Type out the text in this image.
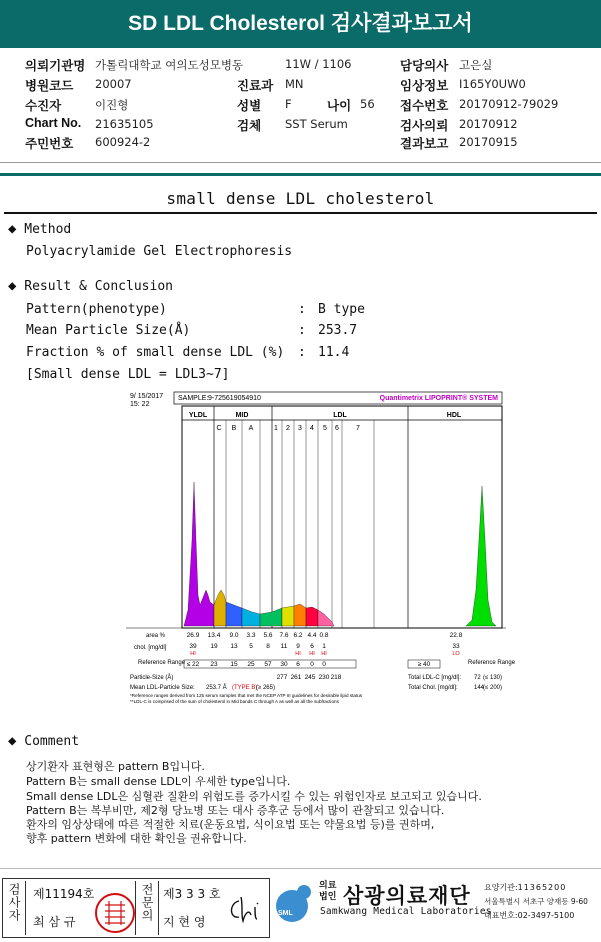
SD LDL Cholesterol 검사결과보고서
의뢰기관명 가톨릭대학교 여의도성모병동	11W / 1106	담당의사 고은실
병원코드 20007	진료과 MN	임상정보 I165Y0UW0
수진자	이진형	성별 F	나이 56 접수번호 20170912-79029
Chart No. 21635105	검체 SST Serum	검사의뢰 20170912
주민번호 600924-2	결과보고 20170915
small dense LDL cholesterol
◆ Method
Polyacrylamide Gel Electrophoresis
◆ Result & Conclusion
Pattern(phenotype)	: B type
Mean Particle Size(Å)	: 253.7
Fraction % of small dense LDL (%) : 11.4
[Small dense LDL = LDL3~7]
9/ 15/2017
15: 22
SAMPLE: 9-725619054910	Quantimetrix LIPOPRINT® SYSTEM
YLDL	MID	LDL	HDL
C B A	1 2 3 4 5 6 7
area %	26.9 13.4 9.0 3.3 5.6 7.6 6.2 4.4 0.8	22.8
chol. [mg/dl]	39 19 13 5 8 11 9 6 1	33
HI	HI HI HI	LO
Reference Range ≤ 22 23 15 25 57 30 6 0 0	≥ 40	Reference Range
Particle-Size (Å)	277 261 245 230 218
Mean LDL-Particle Size: 253.7 Å (TYPE B)
(≥ 265)
Total LDL-C [mg/dl]: 72 (≤ 130)
Total Chol. [mg/dl]:	144 (≤ 200)
*Reference ranges derived from 125 serum samples that met the NCEP ATP III guidelines for desirable lipid status
**LDL-C is comprised of the sum of cholesterol in Mid bands C through A as well as all the subfractions
◆ Comment
상기환자 표현형은 pattern B입니다.
Pattern B는 small dense LDL이 우세한 type입니다.
Small dense LDL은 심혈관 질환의 위험도를 증가시킬 수 있는 위험인자로 보고되고 있습니다.
Pattern B는 복부비만, 제2형 당뇨병 또는 대사 증후군 등에서 많이 관찰되고 있습니다.
환자의 임상상태에 따른 적절한 치료(운동요법, 식이요법 또는 약물요법 등)를 권하며,
향후 pattern 변화에 대한 확인을 권유합니다.
검사자 제11194호
최 삼 규	전문의 제3 3 3 호
지 현 영
SML
의료법인 삼광의료재단
Samkwang Medical Laboratories
요양기관:11365200
서울특별시 서초구 양재동 9-60
대표번호:02-3497-5100
